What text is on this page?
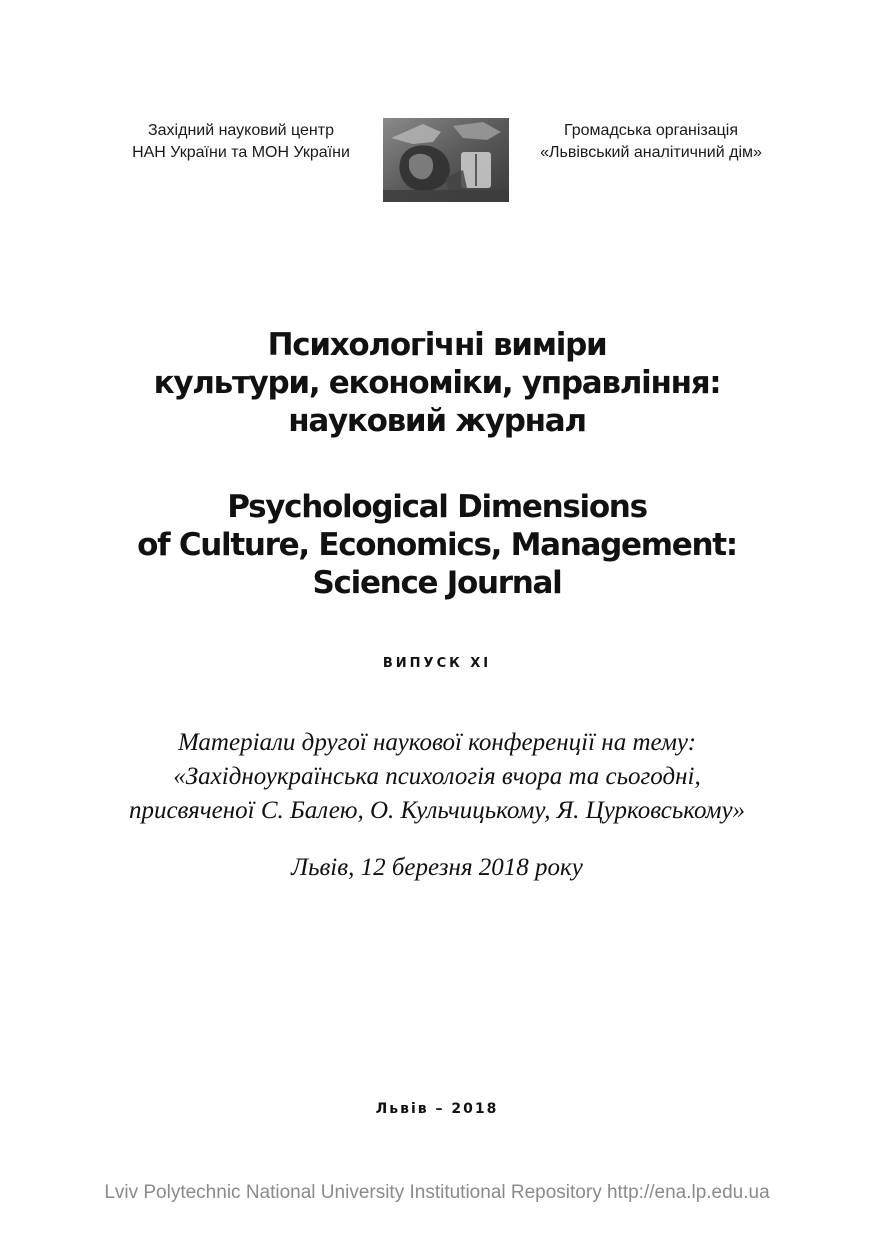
Західний науковий центр
НАН України та МОН України
Громадська організація
«Львівський аналітичний дім»
Психологічні виміри
культури, економіки, управління:
науковий журнал
Psychological Dimensions
of Culture, Economics, Management:
Science Journal
ВИПУСК XI
Матеріали другої наукової конференції на тему:
«Західноукраїнська психологія вчора та сьогодні,
присвяченої С. Балею, О. Кульчицькому, Я. Цурковському»
Львів, 12 березня 2018 року
Львів – 2018
Lviv Polytechnic National University Institutional Repository http://ena.lp.edu.ua
